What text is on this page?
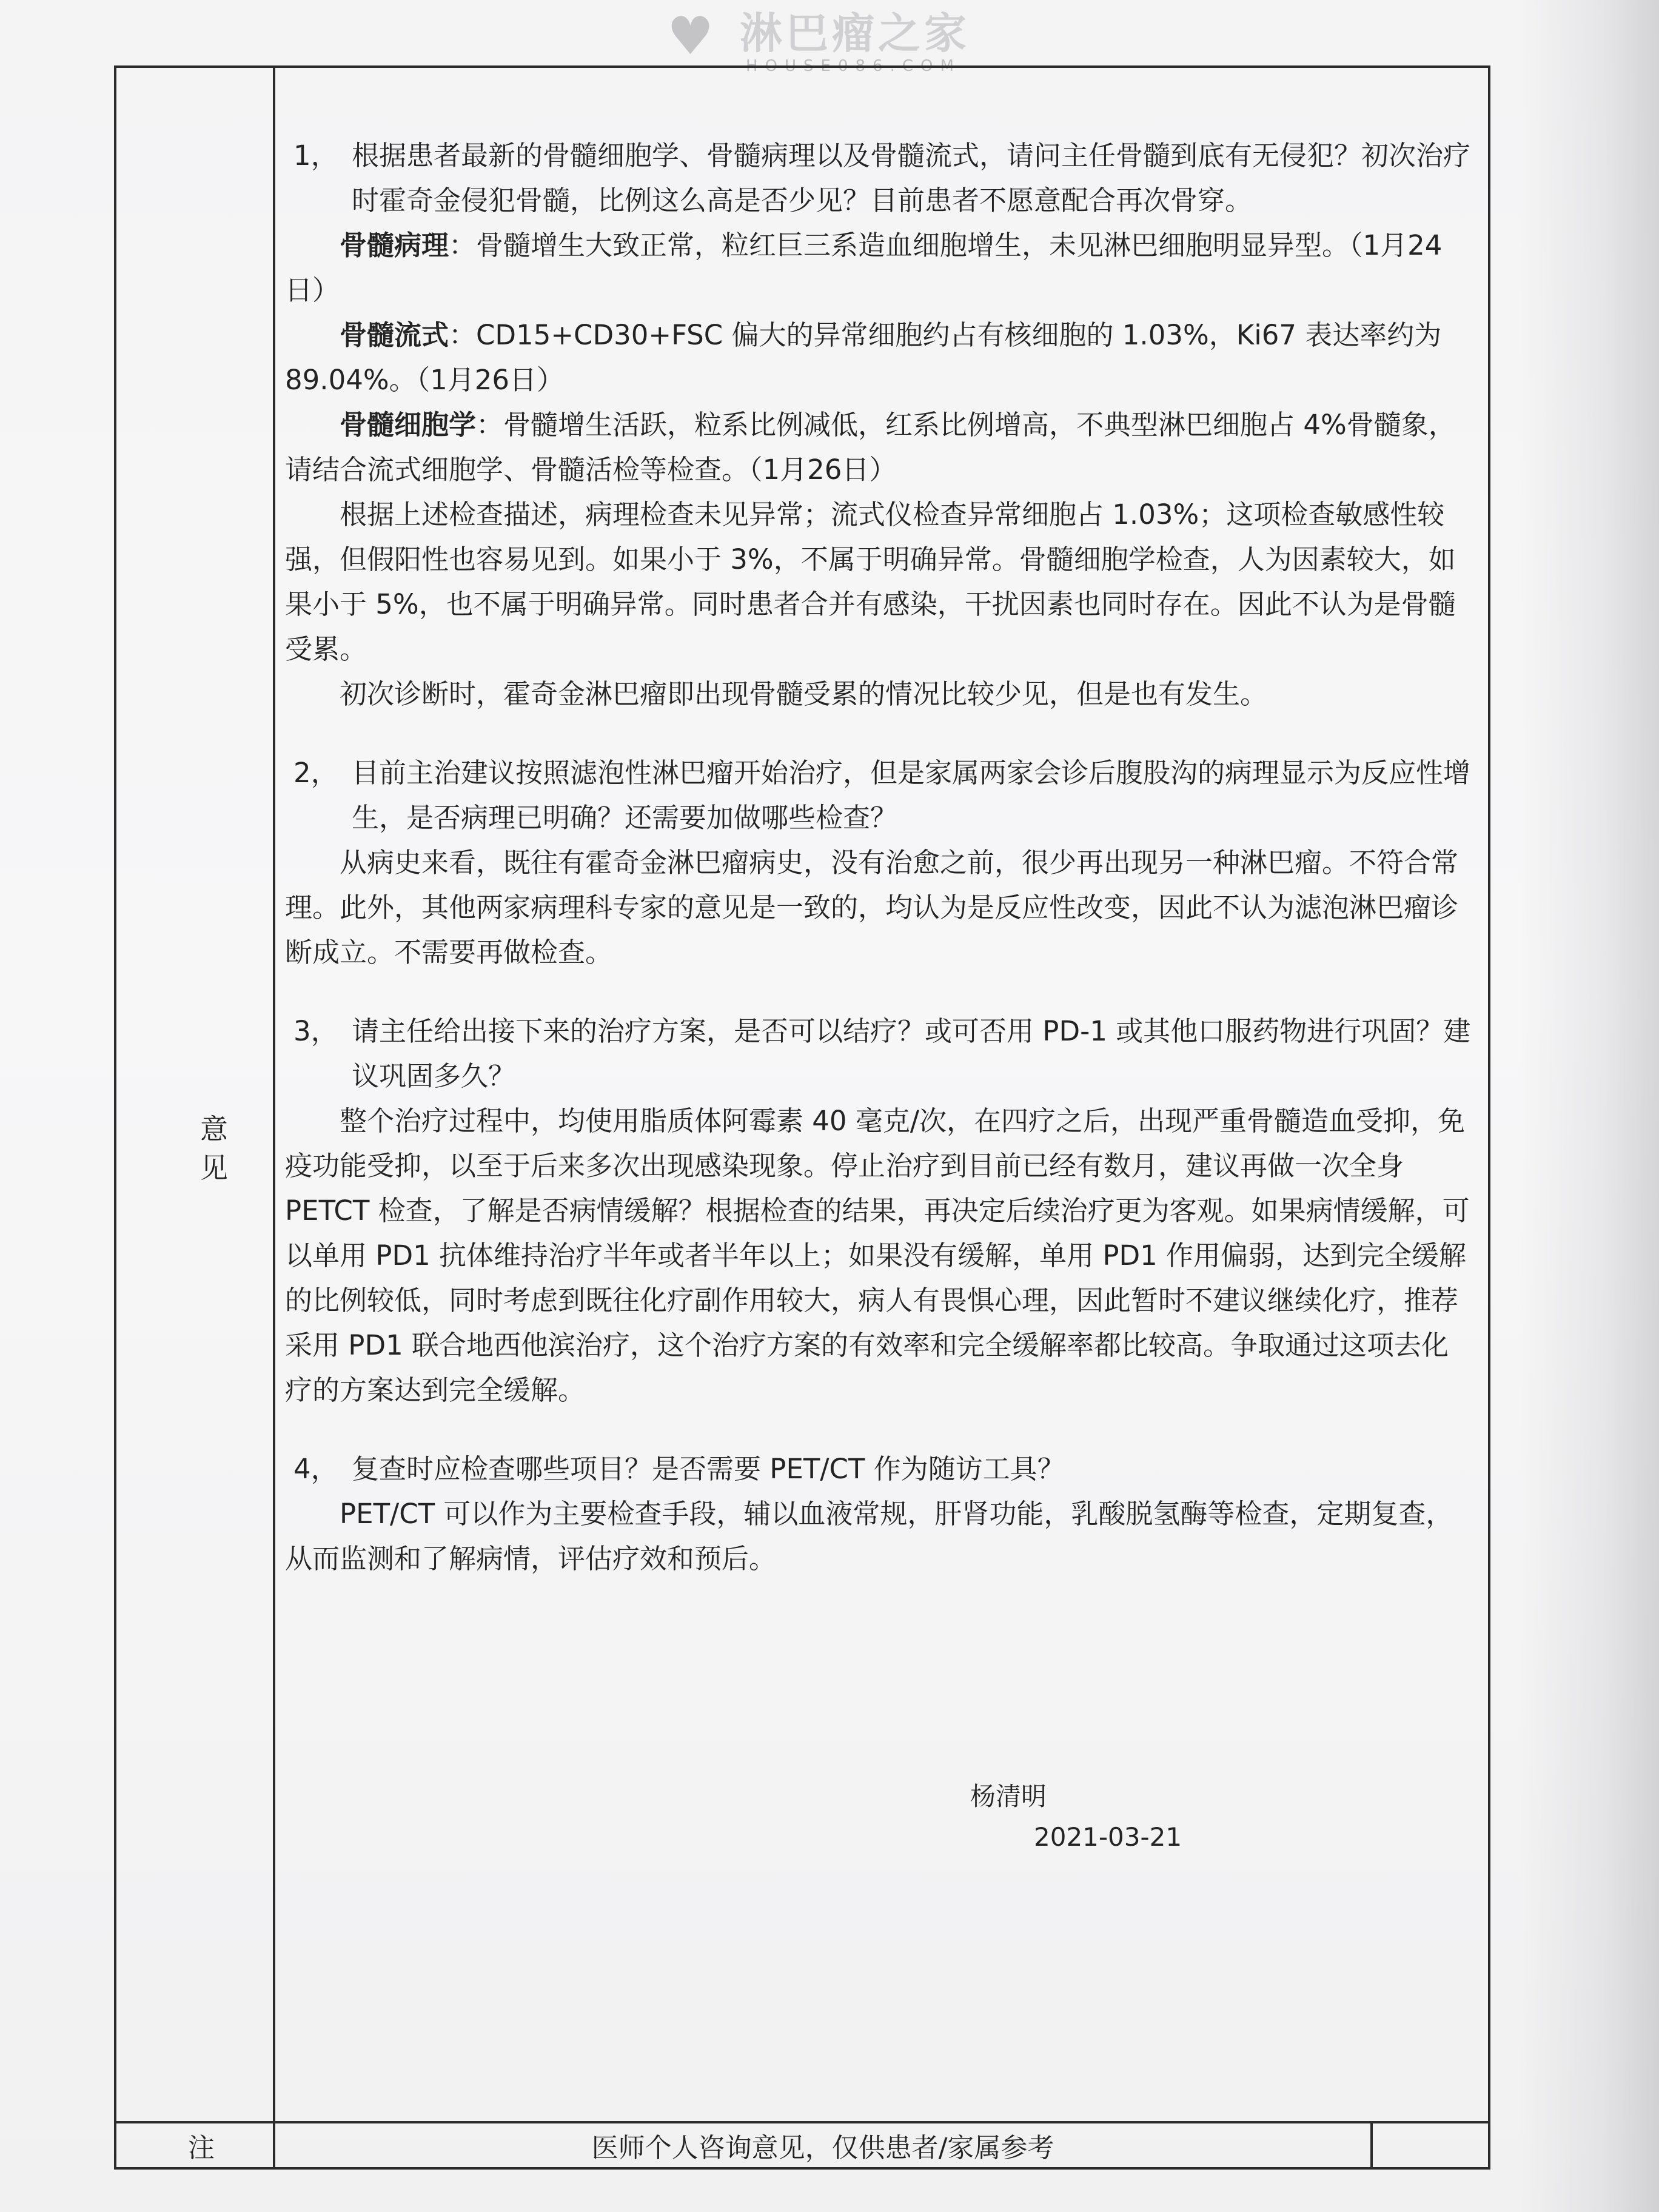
♥ 淋巴瘤之家
HOUSE086.COM
意见
注	医师个人咨询意见，仅供患者/家属参考

1， 根据患者最新的骨髓细胞学、骨髓病理以及骨髓流式，请问主任骨髓到底有无侵犯？初次治疗时霍奇金侵犯骨髓，比例这么高是否少见？目前患者不愿意配合再次骨穿。

骨髓病理：骨髓增生大致正常，粒红巨三系造血细胞增生，未见淋巴细胞明显异型。（1月24日）

骨髓流式：CD15+CD30+FSC 偏大的异常细胞约占有核细胞的 1.03%，Ki67 表达率约为 89.04%。（1月26日）

骨髓细胞学：骨髓增生活跃，粒系比例减低，红系比例增高，不典型淋巴细胞占 4%骨髓象，请结合流式细胞学、骨髓活检等检查。（1月26日）

根据上述检查描述，病理检查未见异常；流式仪检查异常细胞占 1.03%；这项检查敏感性较强，但假阳性也容易见到。如果小于 3%，不属于明确异常。骨髓细胞学检查，人为因素较大，如果小于 5%，也不属于明确异常。同时患者合并有感染，干扰因素也同时存在。因此不认为是骨髓受累。

初次诊断时，霍奇金淋巴瘤即出现骨髓受累的情况比较少见，但是也有发生。

2， 目前主治建议按照滤泡性淋巴瘤开始治疗，但是家属两家会诊后腹股沟的病理显示为反应性增生，是否病理已明确？还需要加做哪些检查？

从病史来看，既往有霍奇金淋巴瘤病史，没有治愈之前，很少再出现另一种淋巴瘤。不符合常理。此外，其他两家病理科专家的意见是一致的，均认为是反应性改变，因此不认为滤泡淋巴瘤诊断成立。不需要再做检查。

3， 请主任给出接下来的治疗方案，是否可以结疗？或可否用 PD-1 或其他口服药物进行巩固？建议巩固多久？

整个治疗过程中，均使用脂质体阿霉素 40 毫克/次，在四疗之后，出现严重骨髓造血受抑，免疫功能受抑，以至于后来多次出现感染现象。停止治疗到目前已经有数月，建议再做一次全身 PETCT 检查，了解是否病情缓解？根据检查的结果，再决定后续治疗更为客观。如果病情缓解，可以单用 PD1 抗体维持治疗半年或者半年以上；如果没有缓解，单用 PD1 作用偏弱，达到完全缓解的比例较低，同时考虑到既往化疗副作用较大，病人有畏惧心理，因此暂时不建议继续化疗，推荐采用 PD1 联合地西他滨治疗，这个治疗方案的有效率和完全缓解率都比较高。争取通过这项去化疗的方案达到完全缓解。

4， 复查时应检查哪些项目？是否需要 PET/CT 作为随访工具？

PET/CT 可以作为主要检查手段，辅以血液常规，肝肾功能，乳酸脱氢酶等检查，定期复查，从而监测和了解病情，评估疗效和预后。

杨清明
2021-03-21
